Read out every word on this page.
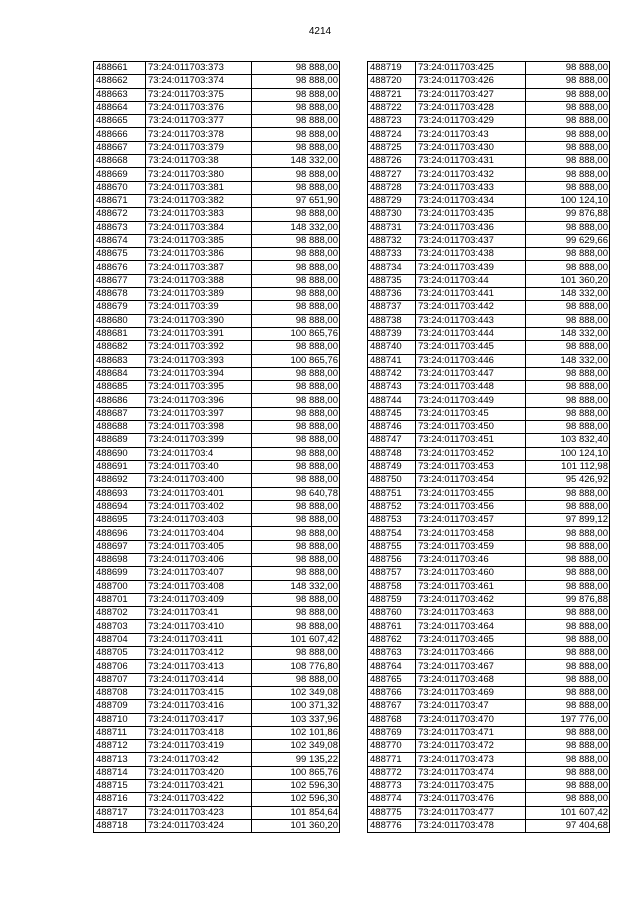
4214
488661	73:24:011703:373	98 888,00
488662	73:24:011703:374	98 888,00
488663	73:24:011703:375	98 888,00
488664	73:24:011703:376	98 888,00
488665	73:24:011703:377	98 888,00
488666	73:24:011703:378	98 888,00
488667	73:24:011703:379	98 888,00
488668	73:24:011703:38	148 332,00
488669	73:24:011703:380	98 888,00
488670	73:24:011703:381	98 888,00
488671	73:24:011703:382	97 651,90
488672	73:24:011703:383	98 888,00
488673	73:24:011703:384	148 332,00
488674	73:24:011703:385	98 888,00
488675	73:24:011703:386	98 888,00
488676	73:24:011703:387	98 888,00
488677	73:24:011703:388	98 888,00
488678	73:24:011703:389	98 888,00
488679	73:24:011703:39	98 888,00
488680	73:24:011703:390	98 888,00
488681	73:24:011703:391	100 865,76
488682	73:24:011703:392	98 888,00
488683	73:24:011703:393	100 865,76
488684	73:24:011703:394	98 888,00
488685	73:24:011703:395	98 888,00
488686	73:24:011703:396	98 888,00
488687	73:24:011703:397	98 888,00
488688	73:24:011703:398	98 888,00
488689	73:24:011703:399	98 888,00
488690	73:24:011703:4	98 888,00
488691	73:24:011703:40	98 888,00
488692	73:24:011703:400	98 888,00
488693	73:24:011703:401	98 640,78
488694	73:24:011703:402	98 888,00
488695	73:24:011703:403	98 888,00
488696	73:24:011703:404	98 888,00
488697	73:24:011703:405	98 888,00
488698	73:24:011703:406	98 888,00
488699	73:24:011703:407	98 888,00
488700	73:24:011703:408	148 332,00
488701	73:24:011703:409	98 888,00
488702	73:24:011703:41	98 888,00
488703	73:24:011703:410	98 888,00
488704	73:24:011703:411	101 607,42
488705	73:24:011703:412	98 888,00
488706	73:24:011703:413	108 776,80
488707	73:24:011703:414	98 888,00
488708	73:24:011703:415	102 349,08
488709	73:24:011703:416	100 371,32
488710	73:24:011703:417	103 337,96
488711	73:24:011703:418	102 101,86
488712	73:24:011703:419	102 349,08
488713	73:24:011703:42	99 135,22
488714	73:24:011703:420	100 865,76
488715	73:24:011703:421	102 596,30
488716	73:24:011703:422	102 596,30
488717	73:24:011703:423	101 854,64
488718	73:24:011703:424	101 360,20
488719	73:24:011703:425	98 888,00
488720	73:24:011703:426	98 888,00
488721	73:24:011703:427	98 888,00
488722	73:24:011703:428	98 888,00
488723	73:24:011703:429	98 888,00
488724	73:24:011703:43	98 888,00
488725	73:24:011703:430	98 888,00
488726	73:24:011703:431	98 888,00
488727	73:24:011703:432	98 888,00
488728	73:24:011703:433	98 888,00
488729	73:24:011703:434	100 124,10
488730	73:24:011703:435	99 876,88
488731	73:24:011703:436	98 888,00
488732	73:24:011703:437	99 629,66
488733	73:24:011703:438	98 888,00
488734	73:24:011703:439	98 888,00
488735	73:24:011703:44	101 360,20
488736	73:24:011703:441	148 332,00
488737	73:24:011703:442	98 888,00
488738	73:24:011703:443	98 888,00
488739	73:24:011703:444	148 332,00
488740	73:24:011703:445	98 888,00
488741	73:24:011703:446	148 332,00
488742	73:24:011703:447	98 888,00
488743	73:24:011703:448	98 888,00
488744	73:24:011703:449	98 888,00
488745	73:24:011703:45	98 888,00
488746	73:24:011703:450	98 888,00
488747	73:24:011703:451	103 832,40
488748	73:24:011703:452	100 124,10
488749	73:24:011703:453	101 112,98
488750	73:24:011703:454	95 426,92
488751	73:24:011703:455	98 888,00
488752	73:24:011703:456	98 888,00
488753	73:24:011703:457	97 899,12
488754	73:24:011703:458	98 888,00
488755	73:24:011703:459	98 888,00
488756	73:24:011703:46	98 888,00
488757	73:24:011703:460	98 888,00
488758	73:24:011703:461	98 888,00
488759	73:24:011703:462	99 876,88
488760	73:24:011703:463	98 888,00
488761	73:24:011703:464	98 888,00
488762	73:24:011703:465	98 888,00
488763	73:24:011703:466	98 888,00
488764	73:24:011703:467	98 888,00
488765	73:24:011703:468	98 888,00
488766	73:24:011703:469	98 888,00
488767	73:24:011703:47	98 888,00
488768	73:24:011703:470	197 776,00
488769	73:24:011703:471	98 888,00
488770	73:24:011703:472	98 888,00
488771	73:24:011703:473	98 888,00
488772	73:24:011703:474	98 888,00
488773	73:24:011703:475	98 888,00
488774	73:24:011703:476	98 888,00
488775	73:24:011703:477	101 607,42
488776	73:24:011703:478	97 404,68
